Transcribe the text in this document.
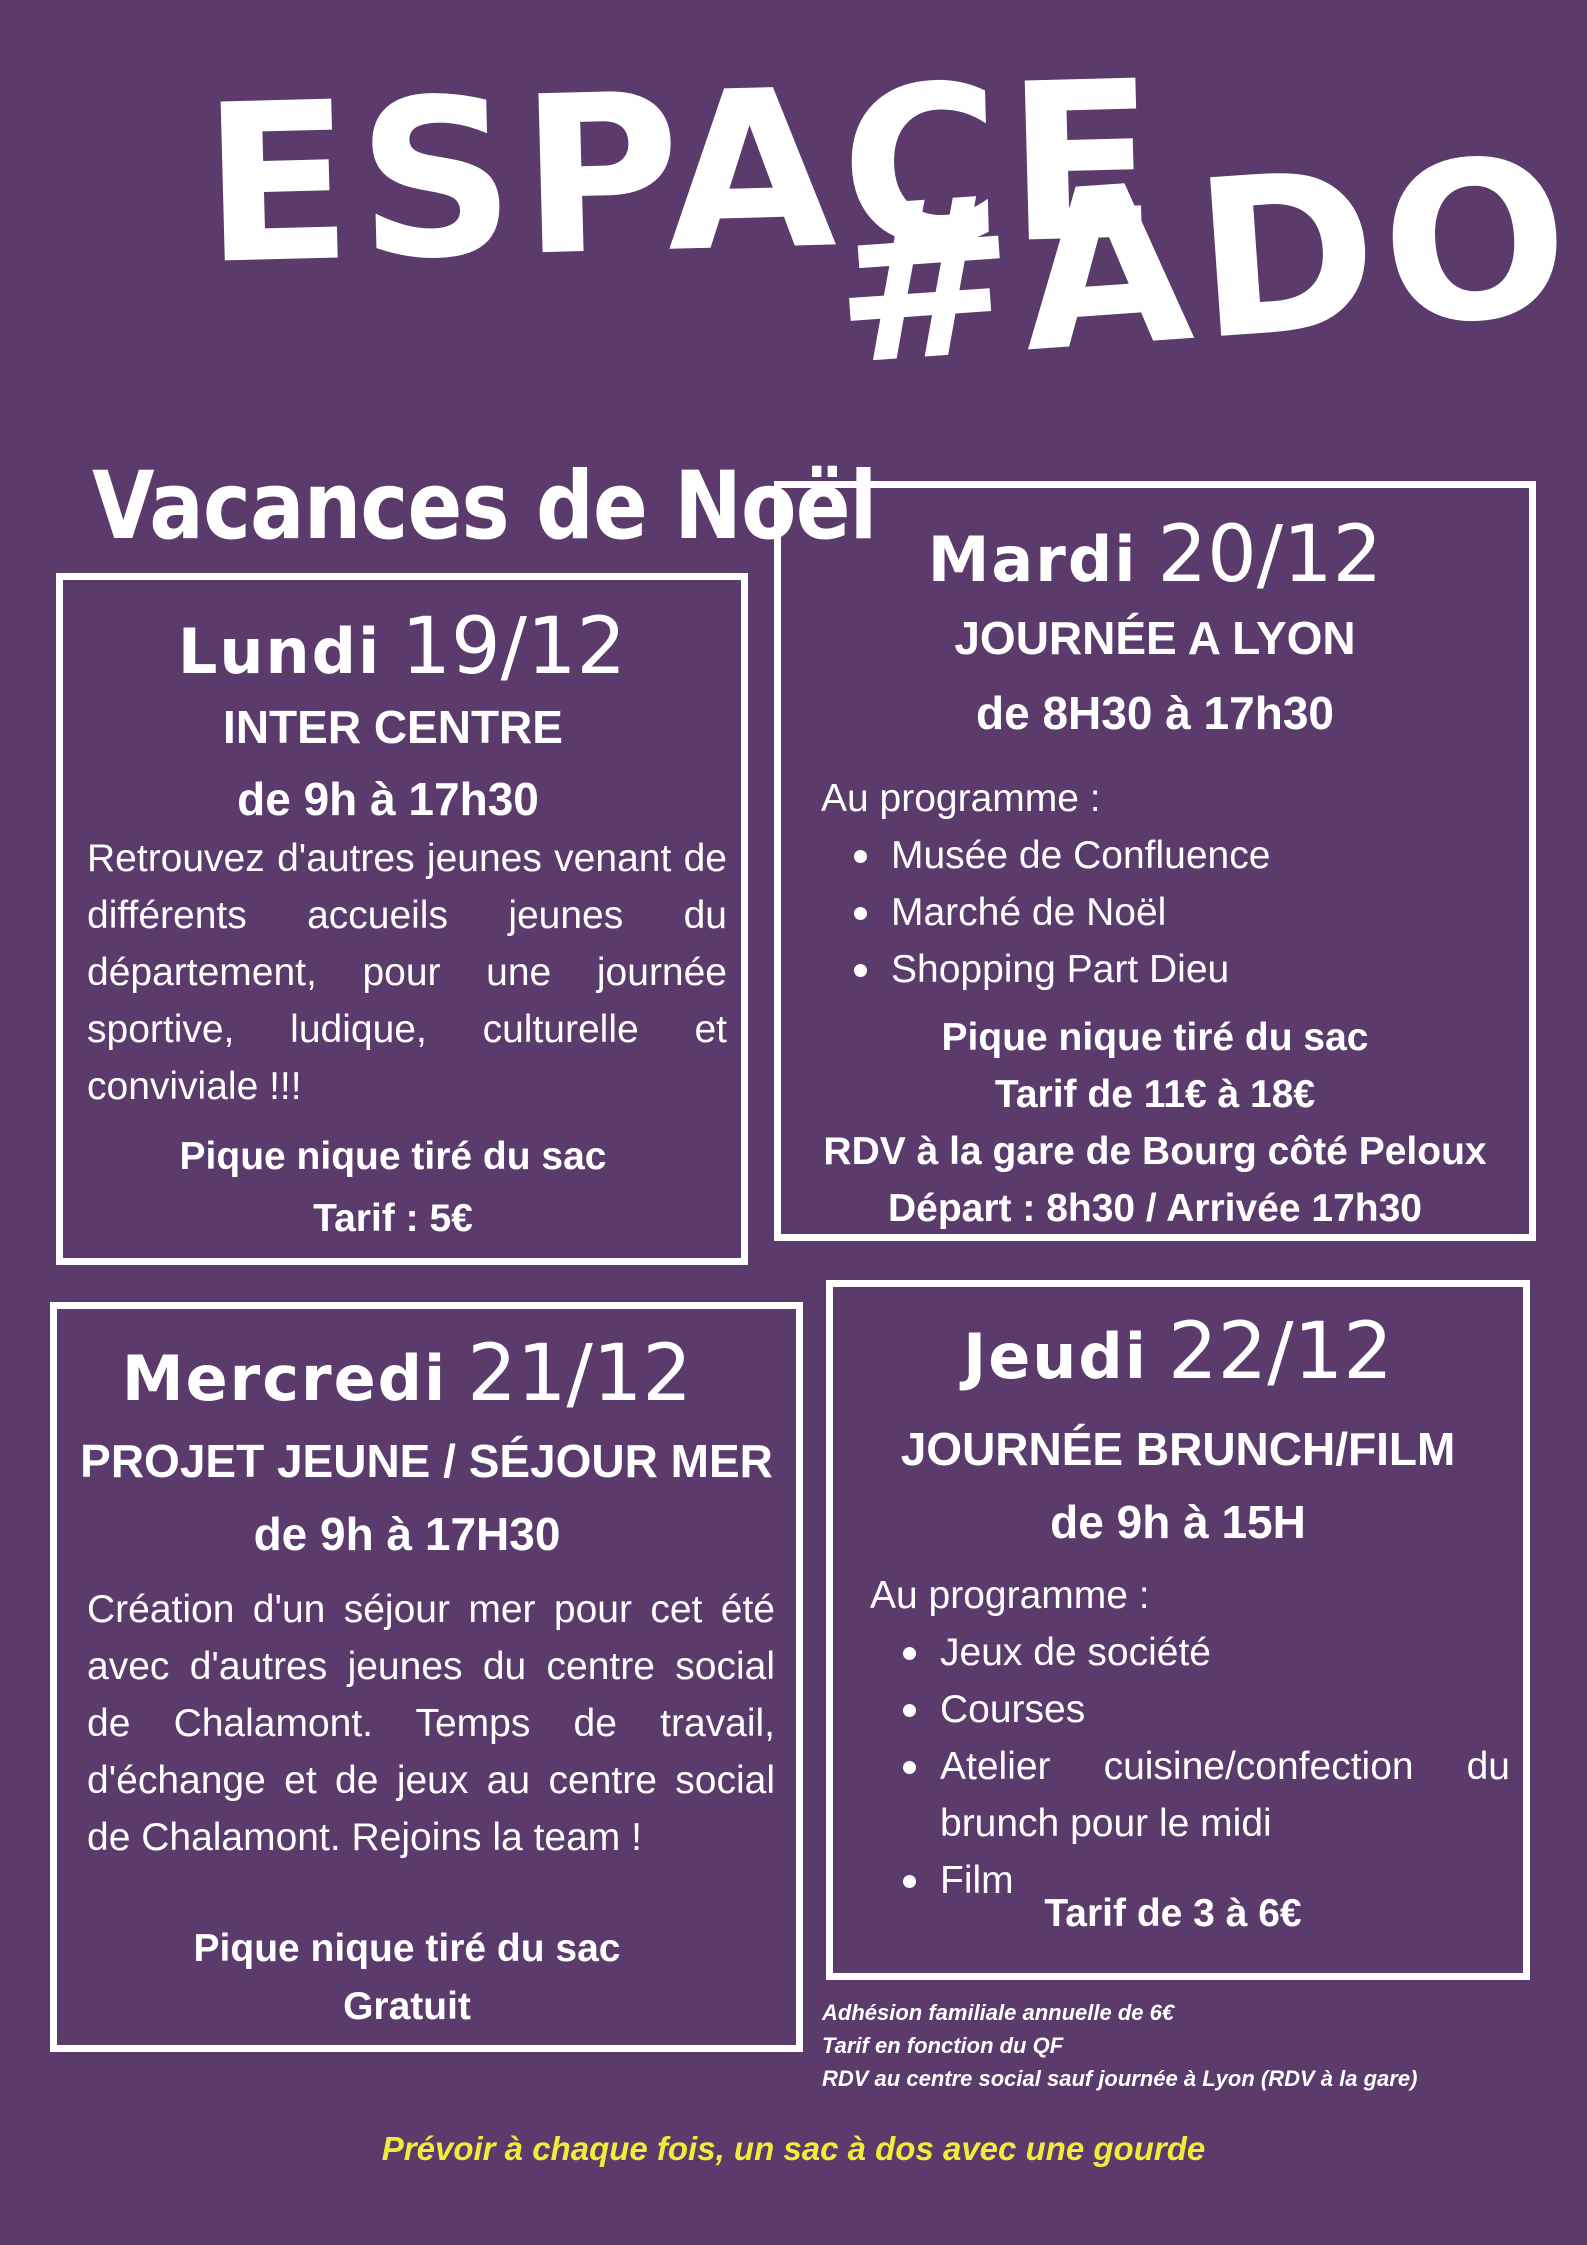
ESPACE
#ADO
Vacances de Noël
Lundi 19/12
INTER CENTRE
de 9h à 17h30
Retrouvez d'autres jeunes venant de différents accueils jeunes du département, pour une journée sportive, ludique, culturelle et conviviale !!!
Pique nique tiré du sac
Tarif : 5€
Mardi 20/12
JOURNÉE A LYON
de 8H30 à 17h30
Au programme :
Musée de Confluence
Marché de Noël
Shopping Part Dieu
Pique nique tiré du sac
Tarif de 11€ à 18€
RDV à la gare de Bourg côté Peloux
Départ : 8h30 / Arrivée 17h30
Mercredi 21/12
PROJET JEUNE / SÉJOUR MER
de 9h à 17H30
Création d'un séjour mer pour cet été avec d'autres jeunes du centre social de Chalamont. Temps de travail, d'échange et de jeux au centre social de Chalamont. Rejoins la team !
Pique nique tiré du sac
Gratuit
Jeudi 22/12
JOURNÉE BRUNCH/FILM
de 9h à 15H
Au programme :
Jeux de société
Courses
Atelier cuisine/confection du brunch pour le midi
Film
Tarif de 3 à 6€
Adhésion familiale annuelle de 6€
Tarif en fonction du QF
RDV au centre social sauf journée à Lyon (RDV à la gare)
Prévoir à chaque fois, un sac à dos avec une gourde
